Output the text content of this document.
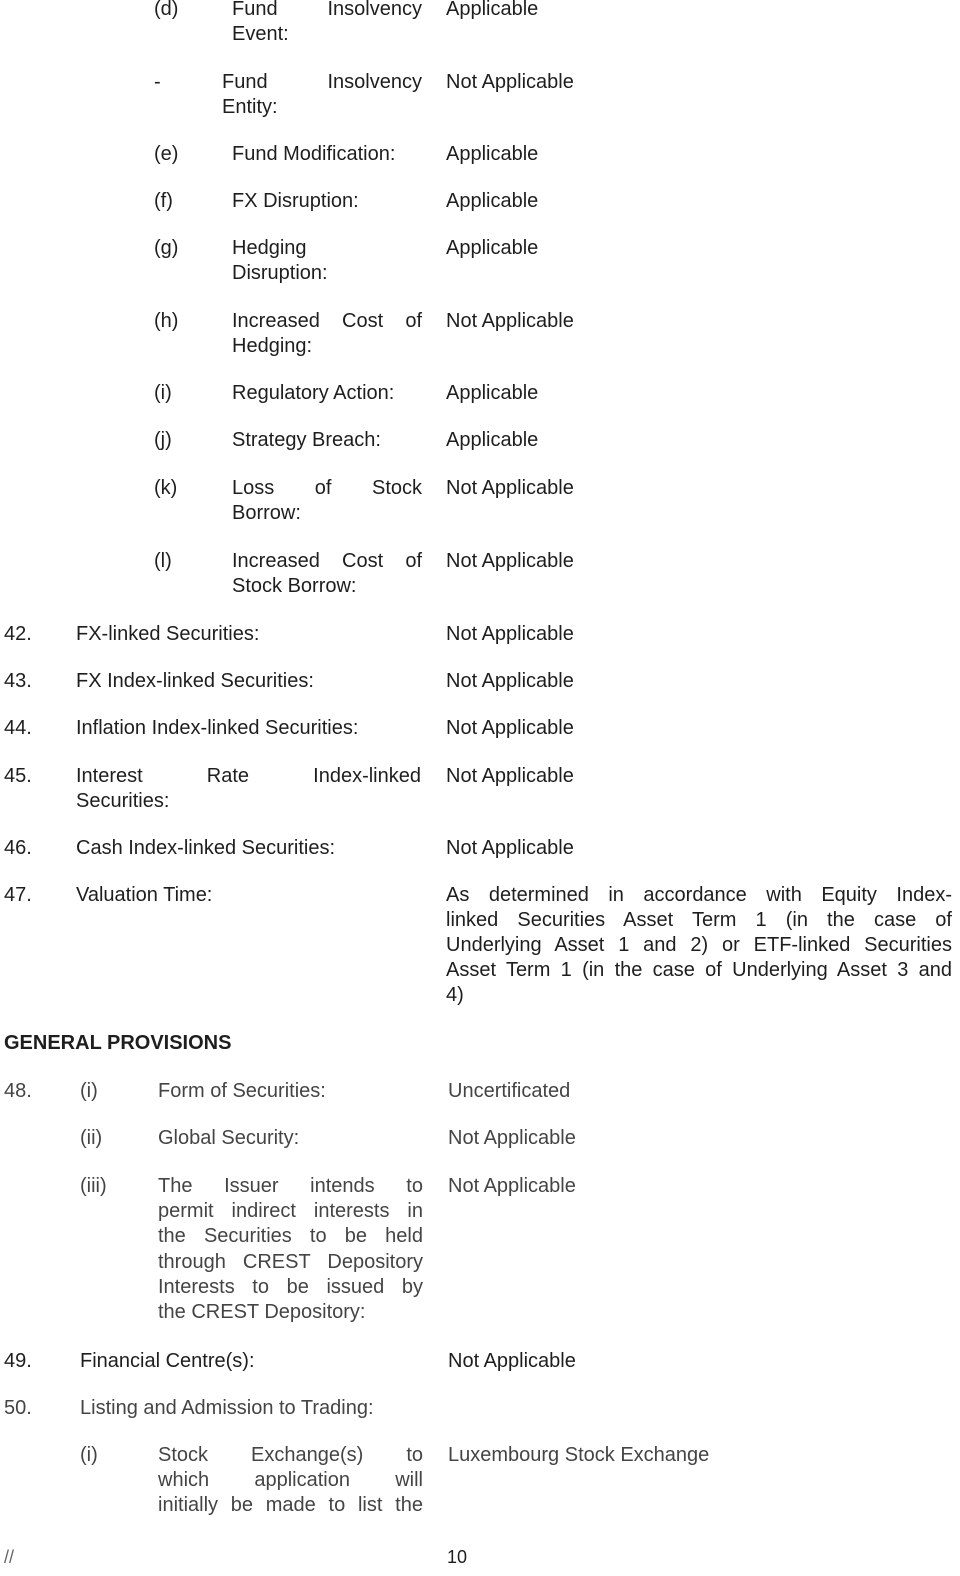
(d)	Fund Insolvency
Event:
Applicable
-	Fund Insolvency
Entity:
Not Applicable
(e)	Fund Modification:	Applicable
(f)	FX Disruption:	Applicable
(g)	Hedging
Disruption:
Applicable
(h)	Increased Cost of
Hedging:
Not Applicable
(i)	Regulatory Action:	Applicable
(j)	Strategy Breach:	Applicable
(k)	Loss of Stock
Borrow:
Not Applicable
(l)	Increased Cost of
Stock Borrow:
Not Applicable
42. FX-linked Securities:	Not Applicable
43. FX Index-linked Securities:	Not Applicable
44. Inflation Index-linked Securities:	Not Applicable
45. Interest Rate Index-linked
Securities:
Not Applicable
46. Cash Index-linked Securities:	Not Applicable
47. Valuation Time:	As determined in accordance with Equity Index-
linked Securities Asset Term 1 (in the case of
Underlying Asset 1 and 2) or ETF-linked Securities
Asset Term 1 (in the case of Underlying Asset 3 and
4)
GENERAL PROVISIONS
48. (i)	Form of Securities:	Uncertificated
(ii)	Global Security:	Not Applicable
(iii)	The Issuer intends to
permit indirect interests in
the Securities to be held
through CREST Depository
Interests to be issued by
the CREST Depository:
Not Applicable
49. Financial Centre(s):	Not Applicable
50. Listing and Admission to Trading:
(i)	Stock Exchange(s) to
which application will
initially be made to list the
Luxembourg Stock Exchange
//	10
